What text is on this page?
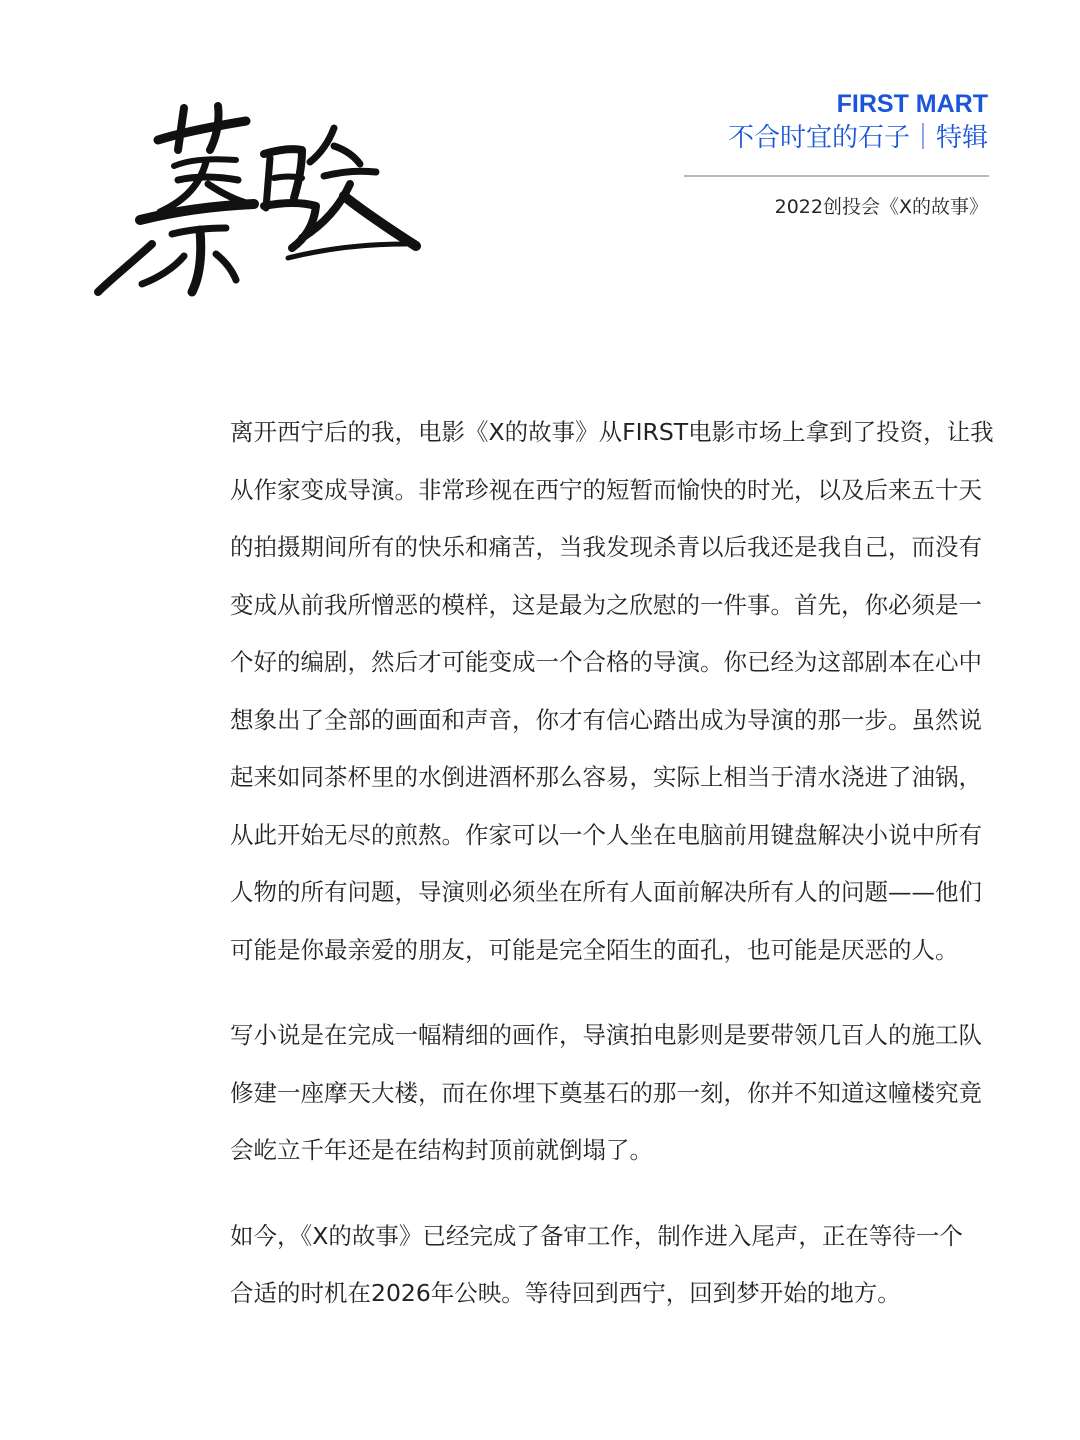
FIRST MART
不合时宜的石子｜特辑
2022创投会《X的故事》
离开西宁后的我，电影《X的故事》从FIRST电影市场上拿到了投资，让我
从作家变成导演。非常珍视在西宁的短暂而愉快的时光，以及后来五十天
的拍摄期间所有的快乐和痛苦，当我发现杀青以后我还是我自己，而没有
变成从前我所憎恶的模样，这是最为之欣慰的一件事。首先，你必须是一
个好的编剧，然后才可能变成一个合格的导演。你已经为这部剧本在心中
想象出了全部的画面和声音，你才有信心踏出成为导演的那一步。虽然说
起来如同茶杯里的水倒进酒杯那么容易，实际上相当于清水浇进了油锅，
从此开始无尽的煎熬。作家可以一个人坐在电脑前用键盘解决小说中所有
人物的所有问题，导演则必须坐在所有人面前解决所有人的问题——他们
可能是你最亲爱的朋友，可能是完全陌生的面孔，也可能是厌恶的人。
写小说是在完成一幅精细的画作，导演拍电影则是要带领几百人的施工队
修建一座摩天大楼，而在你埋下奠基石的那一刻，你并不知道这幢楼究竟
会屹立千年还是在结构封顶前就倒塌了。
如今，《X的故事》已经完成了备审工作，制作进入尾声，正在等待一个
合适的时机在2026年公映。等待回到西宁，回到梦开始的地方。
